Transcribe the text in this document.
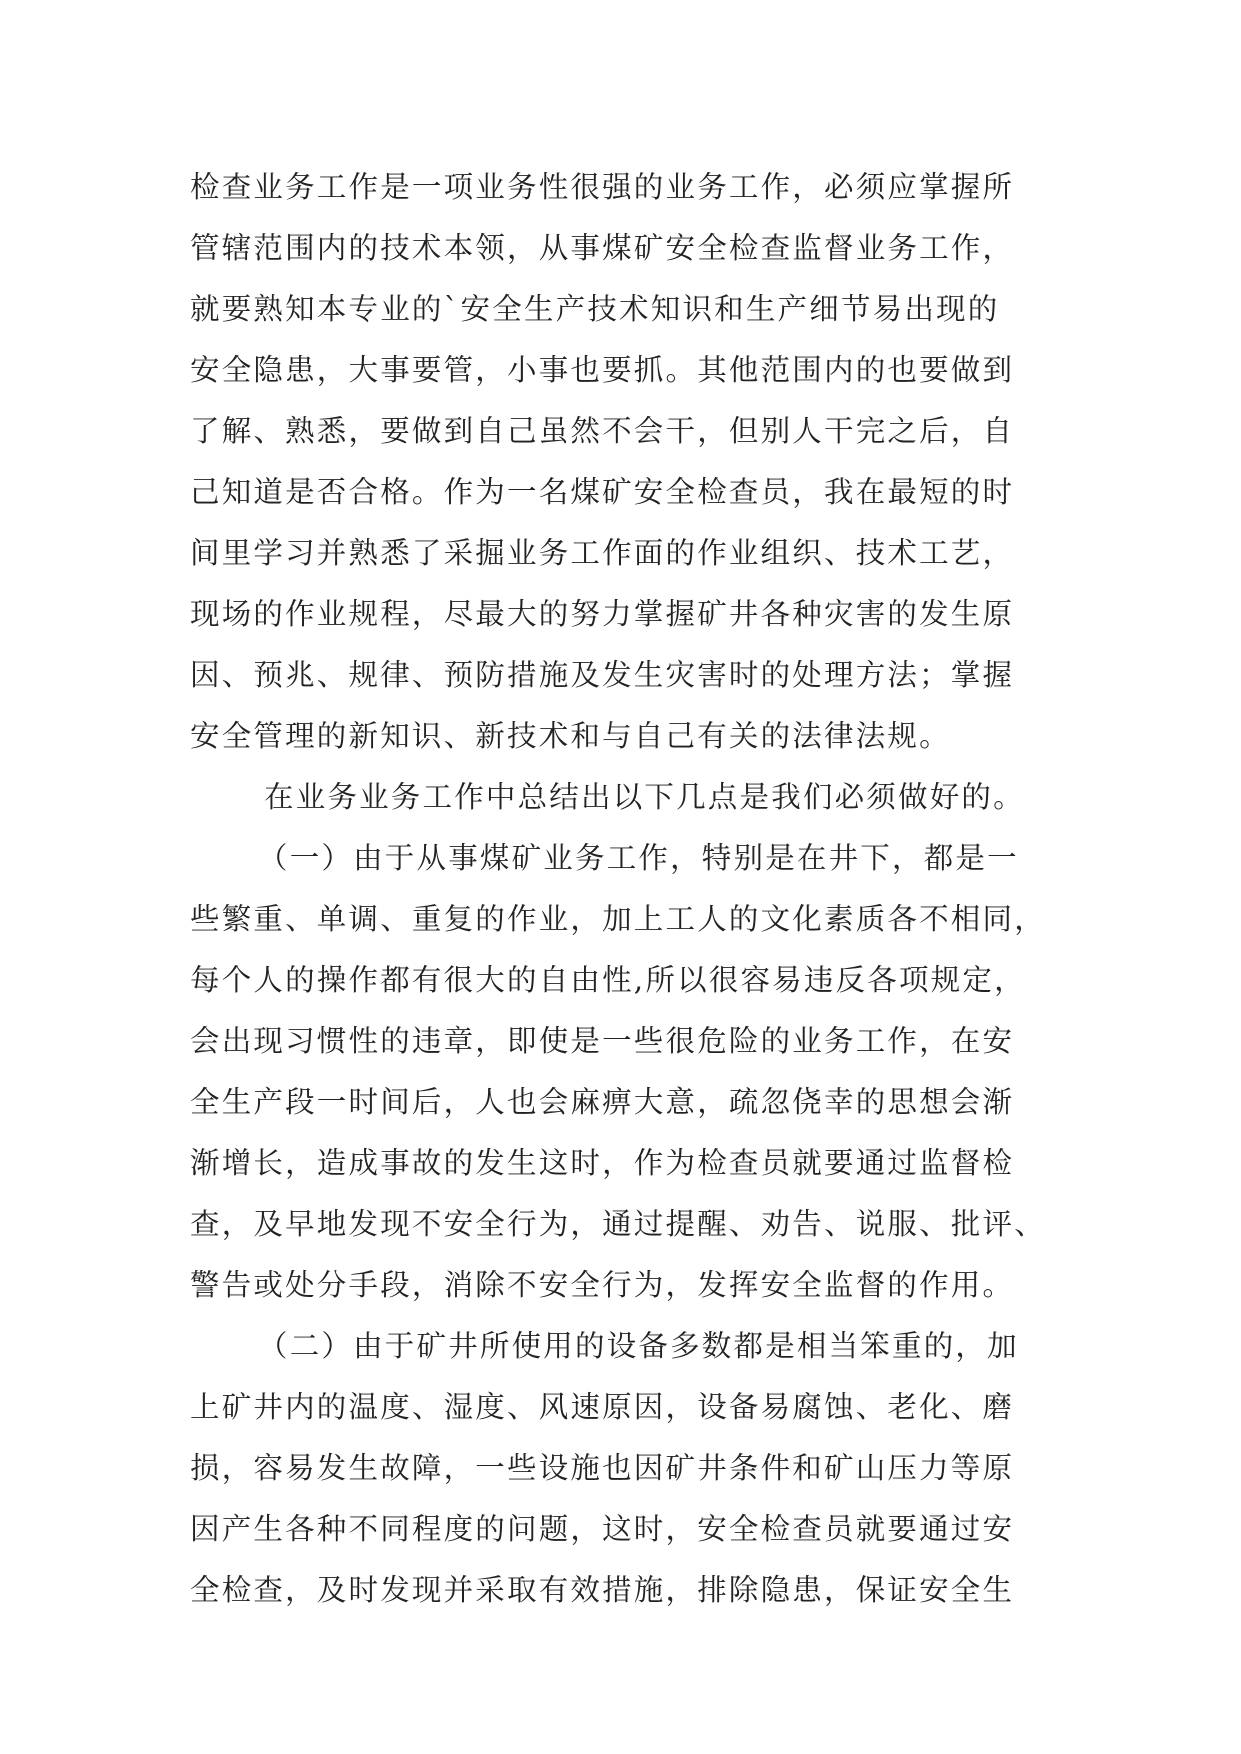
检查业务工作是一项业务性很强的业务工作，必须应掌握所
管辖范围内的技术本领，从事煤矿安全检查监督业务工作，
就要熟知本专业的`安全生产技术知识和生产细节易出现的
安全隐患，大事要管，小事也要抓。其他范围内的也要做到
了解、熟悉，要做到自己虽然不会干，但别人干完之后，自
己知道是否合格。作为一名煤矿安全检查员，我在最短的时
间里学习并熟悉了采掘业务工作面的作业组织、技术工艺，
现场的作业规程，尽最大的努力掌握矿井各种灾害的发生原
因、预兆、规律、预防措施及发生灾害时的处理方法；掌握
安全管理的新知识、新技术和与自己有关的法律法规。
在业务业务工作中总结出以下几点是我们必须做好的。
（一）由于从事煤矿业务工作，特别是在井下，都是一
些繁重、单调、重复的作业，加上工人的文化素质各不相同，
每个人的操作都有很大的自由性,所以很容易违反各项规定，
会出现习惯性的违章，即使是一些很危险的业务工作，在安
全生产段一时间后，人也会麻痹大意，疏忽侥幸的思想会渐
渐增长，造成事故的发生这时，作为检查员就要通过监督检
查，及早地发现不安全行为，通过提醒、劝告、说服、批评、
警告或处分手段，消除不安全行为，发挥安全监督的作用。
（二）由于矿井所使用的设备多数都是相当笨重的，加
上矿井内的温度、湿度、风速原因，设备易腐蚀、老化、磨
损，容易发生故障，一些设施也因矿井条件和矿山压力等原
因产生各种不同程度的问题，这时，安全检查员就要通过安
全检查，及时发现并采取有效措施，排除隐患，保证安全生
